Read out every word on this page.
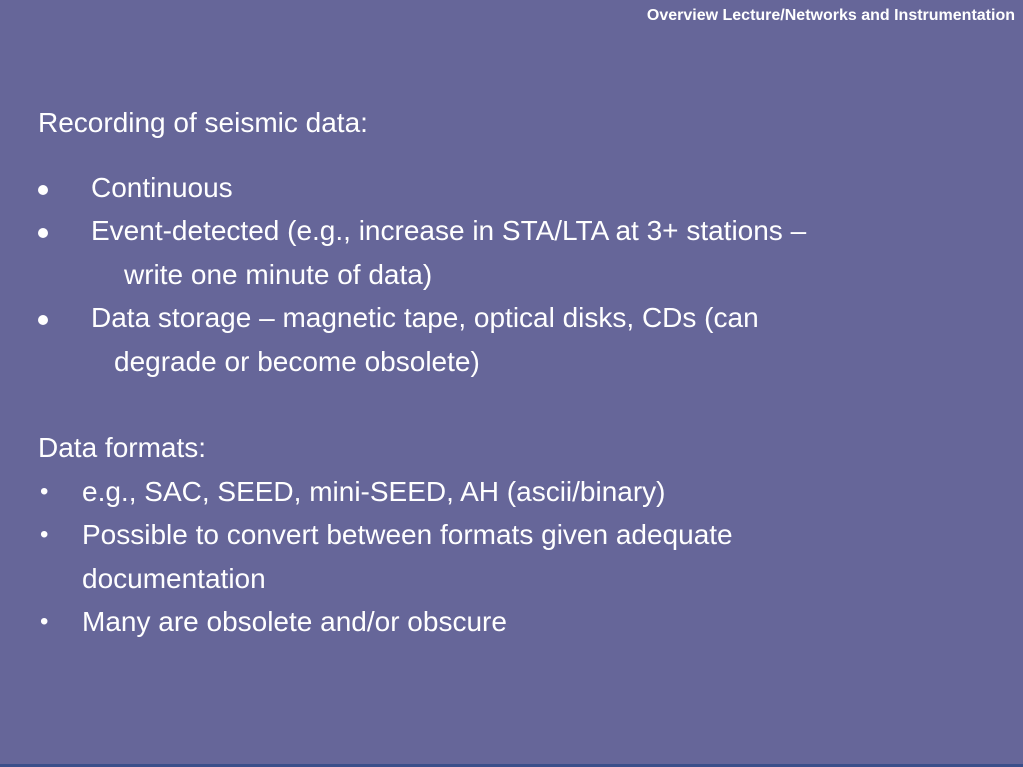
Overview Lecture/Networks and Instrumentation
Recording of seismic data:
Continuous
Event-detected (e.g., increase in STA/LTA at 3+ stations –
write one minute of data)
Data storage – magnetic tape, optical disks, CDs (can
degrade or become obsolete)
Data formats:
• e.g., SAC, SEED, mini-SEED, AH (ascii/binary)
• Possible to convert between formats given adequate
documentation
• Many are obsolete and/or obscure
